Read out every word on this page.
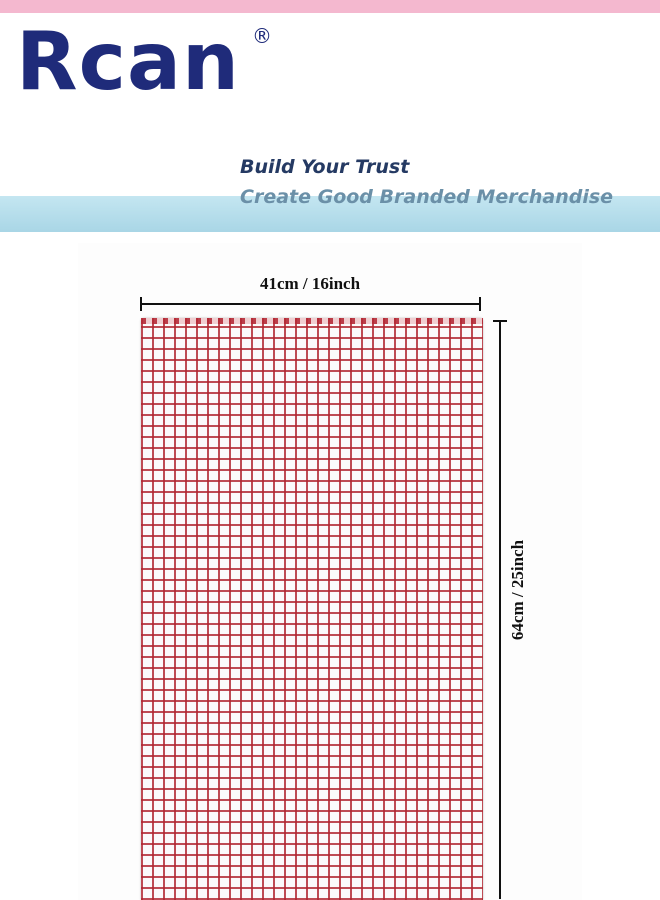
Rcan ®
Build Your Trust
Create Good Branded Merchandise
41cm / 16inch
64cm / 25inch
